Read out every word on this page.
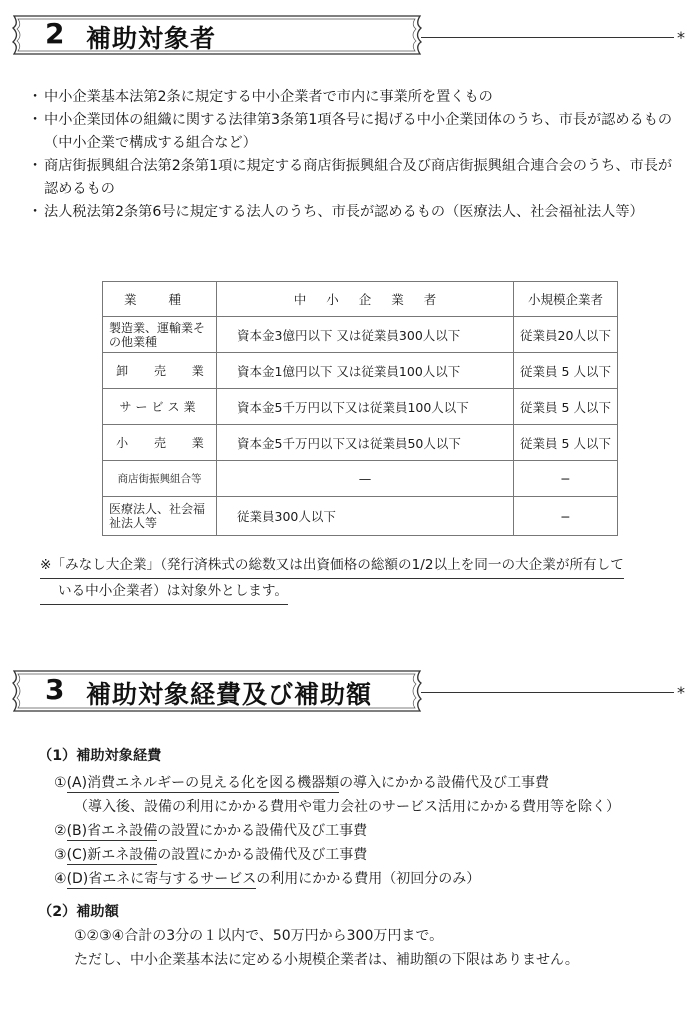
2 補助対象者	*
・ 中小企業基本法第2条に規定する中小企業者で市内に事業所を置くもの
・ 中小企業団体の組織に関する法律第3条第1項各号に掲げる中小企業団体のうち、市長が認めるもの（中小企業で構成する組合など）
・ 商店街振興組合法第2条第1項に規定する商店街振興組合及び商店街振興組合連合会のうち、市長が認めるもの
・ 法人税法第2条第6号に規定する法人のうち、市長が認めるもの（医療法人、社会福祉法人等）
業 種	中 小 企 業 者	小規模企業者
製造業、運輸業その他業種	資本金3億円以下 又は従業員300人以下	従業員20人以下
卸 売 業	資本金1億円以下 又は従業員100人以下	従業員 5 人以下
サービス業	資本金5千万円以下又は従業員100人以下	従業員 5 人以下
小 売 業	資本金5千万円以下又は従業員50人以下	従業員 5 人以下
商店街振興組合等	—	−
医療法人、社会福祉法人等	従業員300人以下	−
※「みなし大企業」（発行済株式の総数又は出資価格の総額の1/2以上を同一の大企業が所有して
いる中小企業者）は対象外とします。
3 補助対象経費及び補助額	*
（1）補助対象経費
①(A)消費エネルギーの見える化を図る機器類の導入にかかる設備代及び工事費
（導入後、設備の利用にかかる費用や電力会社のサービス活用にかかる費用等を除く）
②(B)省エネ設備の設置にかかる設備代及び工事費
③(C)新エネ設備の設置にかかる設備代及び工事費
④(D)省エネに寄与するサービスの利用にかかる費用（初回分のみ）
（2）補助額
①②③④合計の3分の１以内で、50万円から300万円まで。
ただし、中小企業基本法に定める小規模企業者は、補助額の下限はありません。
